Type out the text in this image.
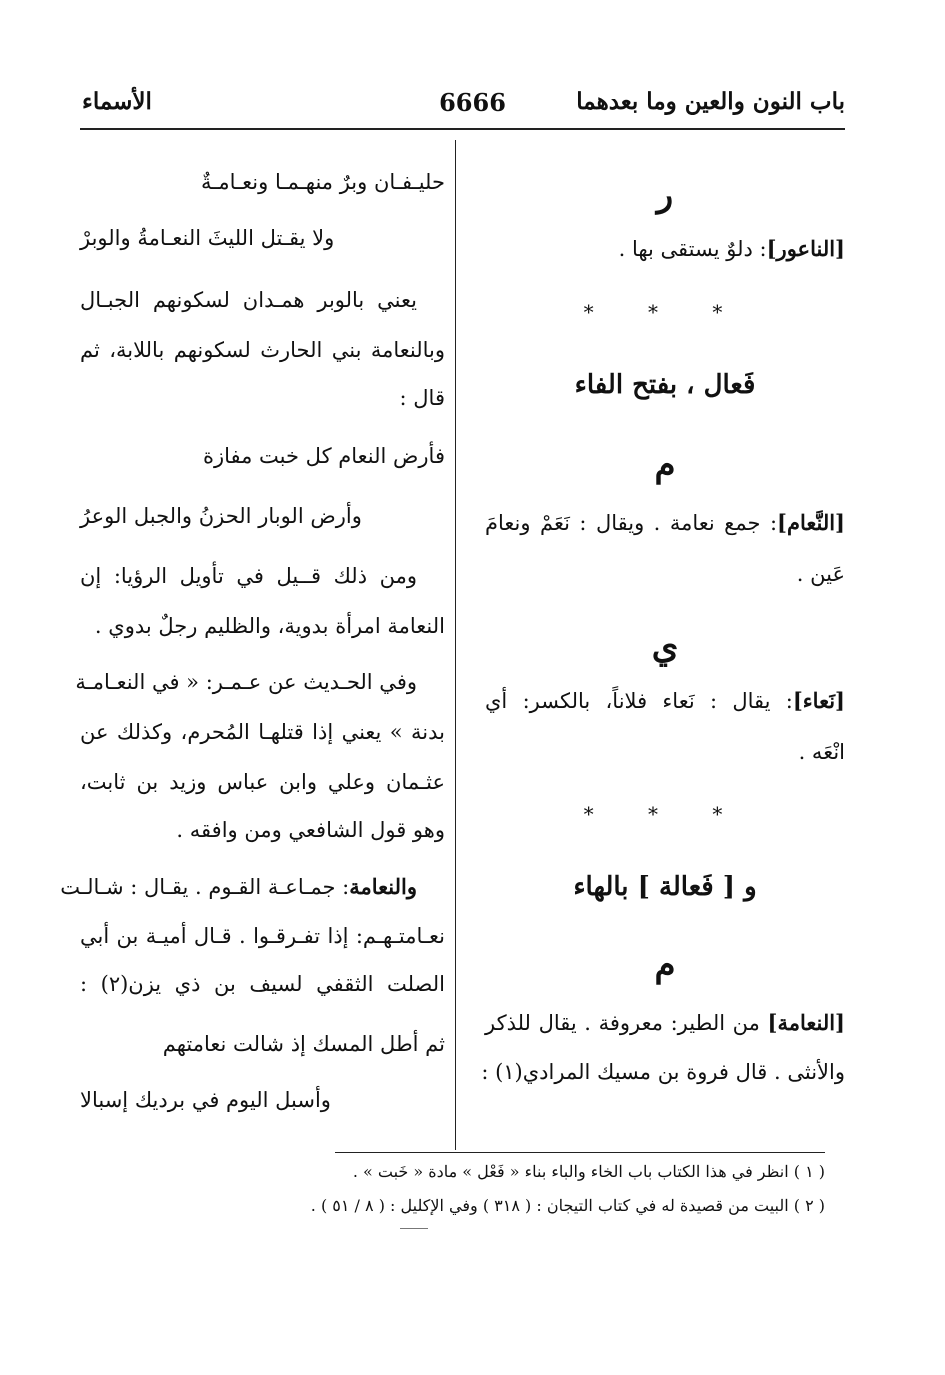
باب النون والعين وما بعدهما
6666
الأسماء
ر
[الناعور]: دلوٌ يستقى بها .
* * *
فَعال ، بفتح الفاء
م
[النَّعام]: جمع نعامة . ويقال : نَعَمْ ونعامَ
عَين .
ي
[نَعاء]: يقال : نَعاء فلاناً، بالكسر: أي
انْعَه .
* * *
و [ فَعالة ] بالهاء
م
[النعامة] من الطير: معروفة . يقال للذكر
والأنثى . قال فروة بن مسيك المرادي(١) :
حليـفـان وبرٌ منهـمـا ونعـامـةٌ
ولا يقـتل الليثَ النعـامةُ والوبرْ
يعني بالوبر همـدان لسكونهم الجبـال
وبالنعامة بني الحارث لسكونهم باللابة، ثم
قال :
فأرض النعام كل خبت مفازة
وأرض الوبار الحزنُ والجبل الوعرُ
ومن ذلك قــيل في تأويل الرؤيا: إن
النعامة امرأة بدوية، والظليم رجلٌ بدوي .
وفي الحـديث عن عـمـر: « في النعـامـة
بدنة » يعني إذا قتلهـا المُحرم، وكذلك عن
عثـمان وعلي وابن عباس وزيد بن ثابت،
وهو قول الشافعي ومن وافقه .
والنعامة: جمـاعـة القـوم . يقـال : شـالـت
نعـامتـهـم: إذا تفـرقـوا . قـال أميـة بن أبي
الصلت الثقفي لسيف بن ذي يزن(٢) :
ثم أطل المسك إذ شالت نعامتهم
وأسبل اليوم في برديك إسبالا
( ١ ) انظر في هذا الكتاب باب الخاء والباء بناء « فَعْل » مادة « خَبت » .
( ٢ ) البيت من قصيدة له في كتاب التيجان : ( ٣١٨ ) وفي الإكليل : ( ٨ / ٥١ ) .
